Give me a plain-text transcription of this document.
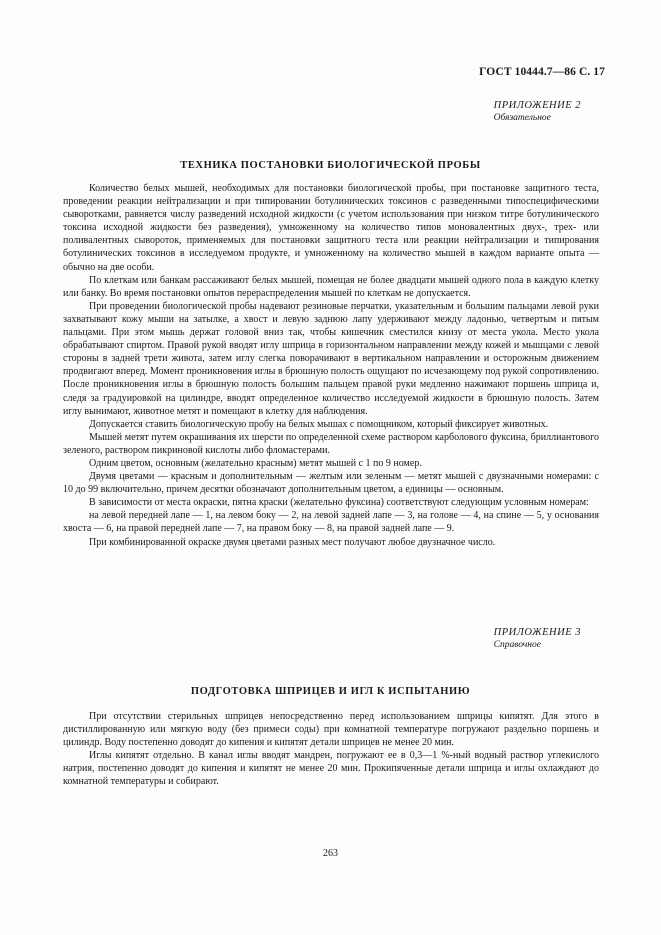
ГОСТ 10444.7—86 С. 17
ПРИЛОЖЕНИЕ 2
Обязательное
ТЕХНИКА ПОСТАНОВКИ БИОЛОГИЧЕСКОЙ ПРОБЫ

Количество белых мышей, необходимых для постановки биологической пробы, при постановке защитного теста, проведении реакции нейтрализации и при типировании ботулинических токсинов с разведенными типоспецифическими сыворотками, равняется числу разведений исходной жидкости (с учетом использования при низком титре ботулинического токсина исходной жидкости без разведения), умноженному на количество типов моновалентных двух-, трех- или поливалентных сывороток, применяемых для постановки защитного теста или реакции нейтрализации и типирования ботулинических токсинов в исследуемом продукте, и умноженному на количество мышей в каждом варианте опыта — обычно на две особи.

По клеткам или банкам рассаживают белых мышей, помещая не более двадцати мышей одного пола в каждую клетку или банку. Во время постановки опытов перераспределения мышей по клеткам не допускается.

При проведении биологической пробы надевают резиновые перчатки, указательным и большим пальцами левой руки захватывают кожу мыши на затылке, а хвост и левую заднюю лапу удерживают между ладонью, четвертым и пятым пальцами. При этом мышь держат головой вниз так, чтобы кишечник сместился книзу от места укола. Место укола обрабатывают спиртом. Правой рукой вводят иглу шприца в горизонтальном направлении между кожей и мышцами с левой стороны в задней трети живота, затем иглу слегка поворачивают в вертикальном направлении и осторожным движением продвигают вперед. Момент проникновения иглы в брюшную полость ощущают по исчезающему под рукой сопротивлению. После проникновения иглы в брюшную полость большим пальцем правой руки медленно нажимают поршень шприца и, следя за градуировкой на цилиндре, вводят определенное количество исследуемой жидкости в брюшную полость. Затем иглу вынимают, животное метят и помещают в клетку для наблюдения.

Допускается ставить биологическую пробу на белых мышах с помощником, который фиксирует животных.

Мышей метят путем окрашивания их шерсти по определенной схеме раствором карболового фуксина, бриллиантового зеленого, раствором пикриновой кислоты либо фломастерами.

Одним цветом, основным (желательно красным) метят мышей с 1 по 9 номер.

Двумя цветами — красным и дополнительным — желтым или зеленым — метят мышей с двузначными номерами: с 10 до 99 включительно, причем десятки обозначают дополнительным цветом, а единицы — основным.

В зависимости от места окраски, пятна краски (желательно фуксина) соответствуют следующим условным номерам:

на левой передней лапе — 1, на левом боку — 2, на левой задней лапе — 3, на голове — 4, на спине — 5, у основания хвоста — 6, на правой передней лапе — 7, на правом боку — 8, на правой задней лапе — 9.

При комбинированной окраске двумя цветами разных мест получают любое двузначное число.

ПРИЛОЖЕНИЕ 3
Справочное
ПОДГОТОВКА ШПРИЦЕВ И ИГЛ К ИСПЫТАНИЮ

При отсутствии стерильных шприцев непосредственно перед использованием шприцы кипятят. Для этого в дистиллированную или мягкую воду (без примеси соды) при комнатной температуре погружают раздельно поршень и цилиндр. Воду постепенно доводят до кипения и кипятят детали шприцев не менее 20 мин.

Иглы кипятят отдельно. В канал иглы вводят мандрен, погружают ее в 0,3—1 %-ный водный раствор углекислого натрия, постепенно доводят до кипения и кипятят не менее 20 мин. Прокипяченные детали шприца и иглы охлаждают до комнатной температуры и собирают.

263
